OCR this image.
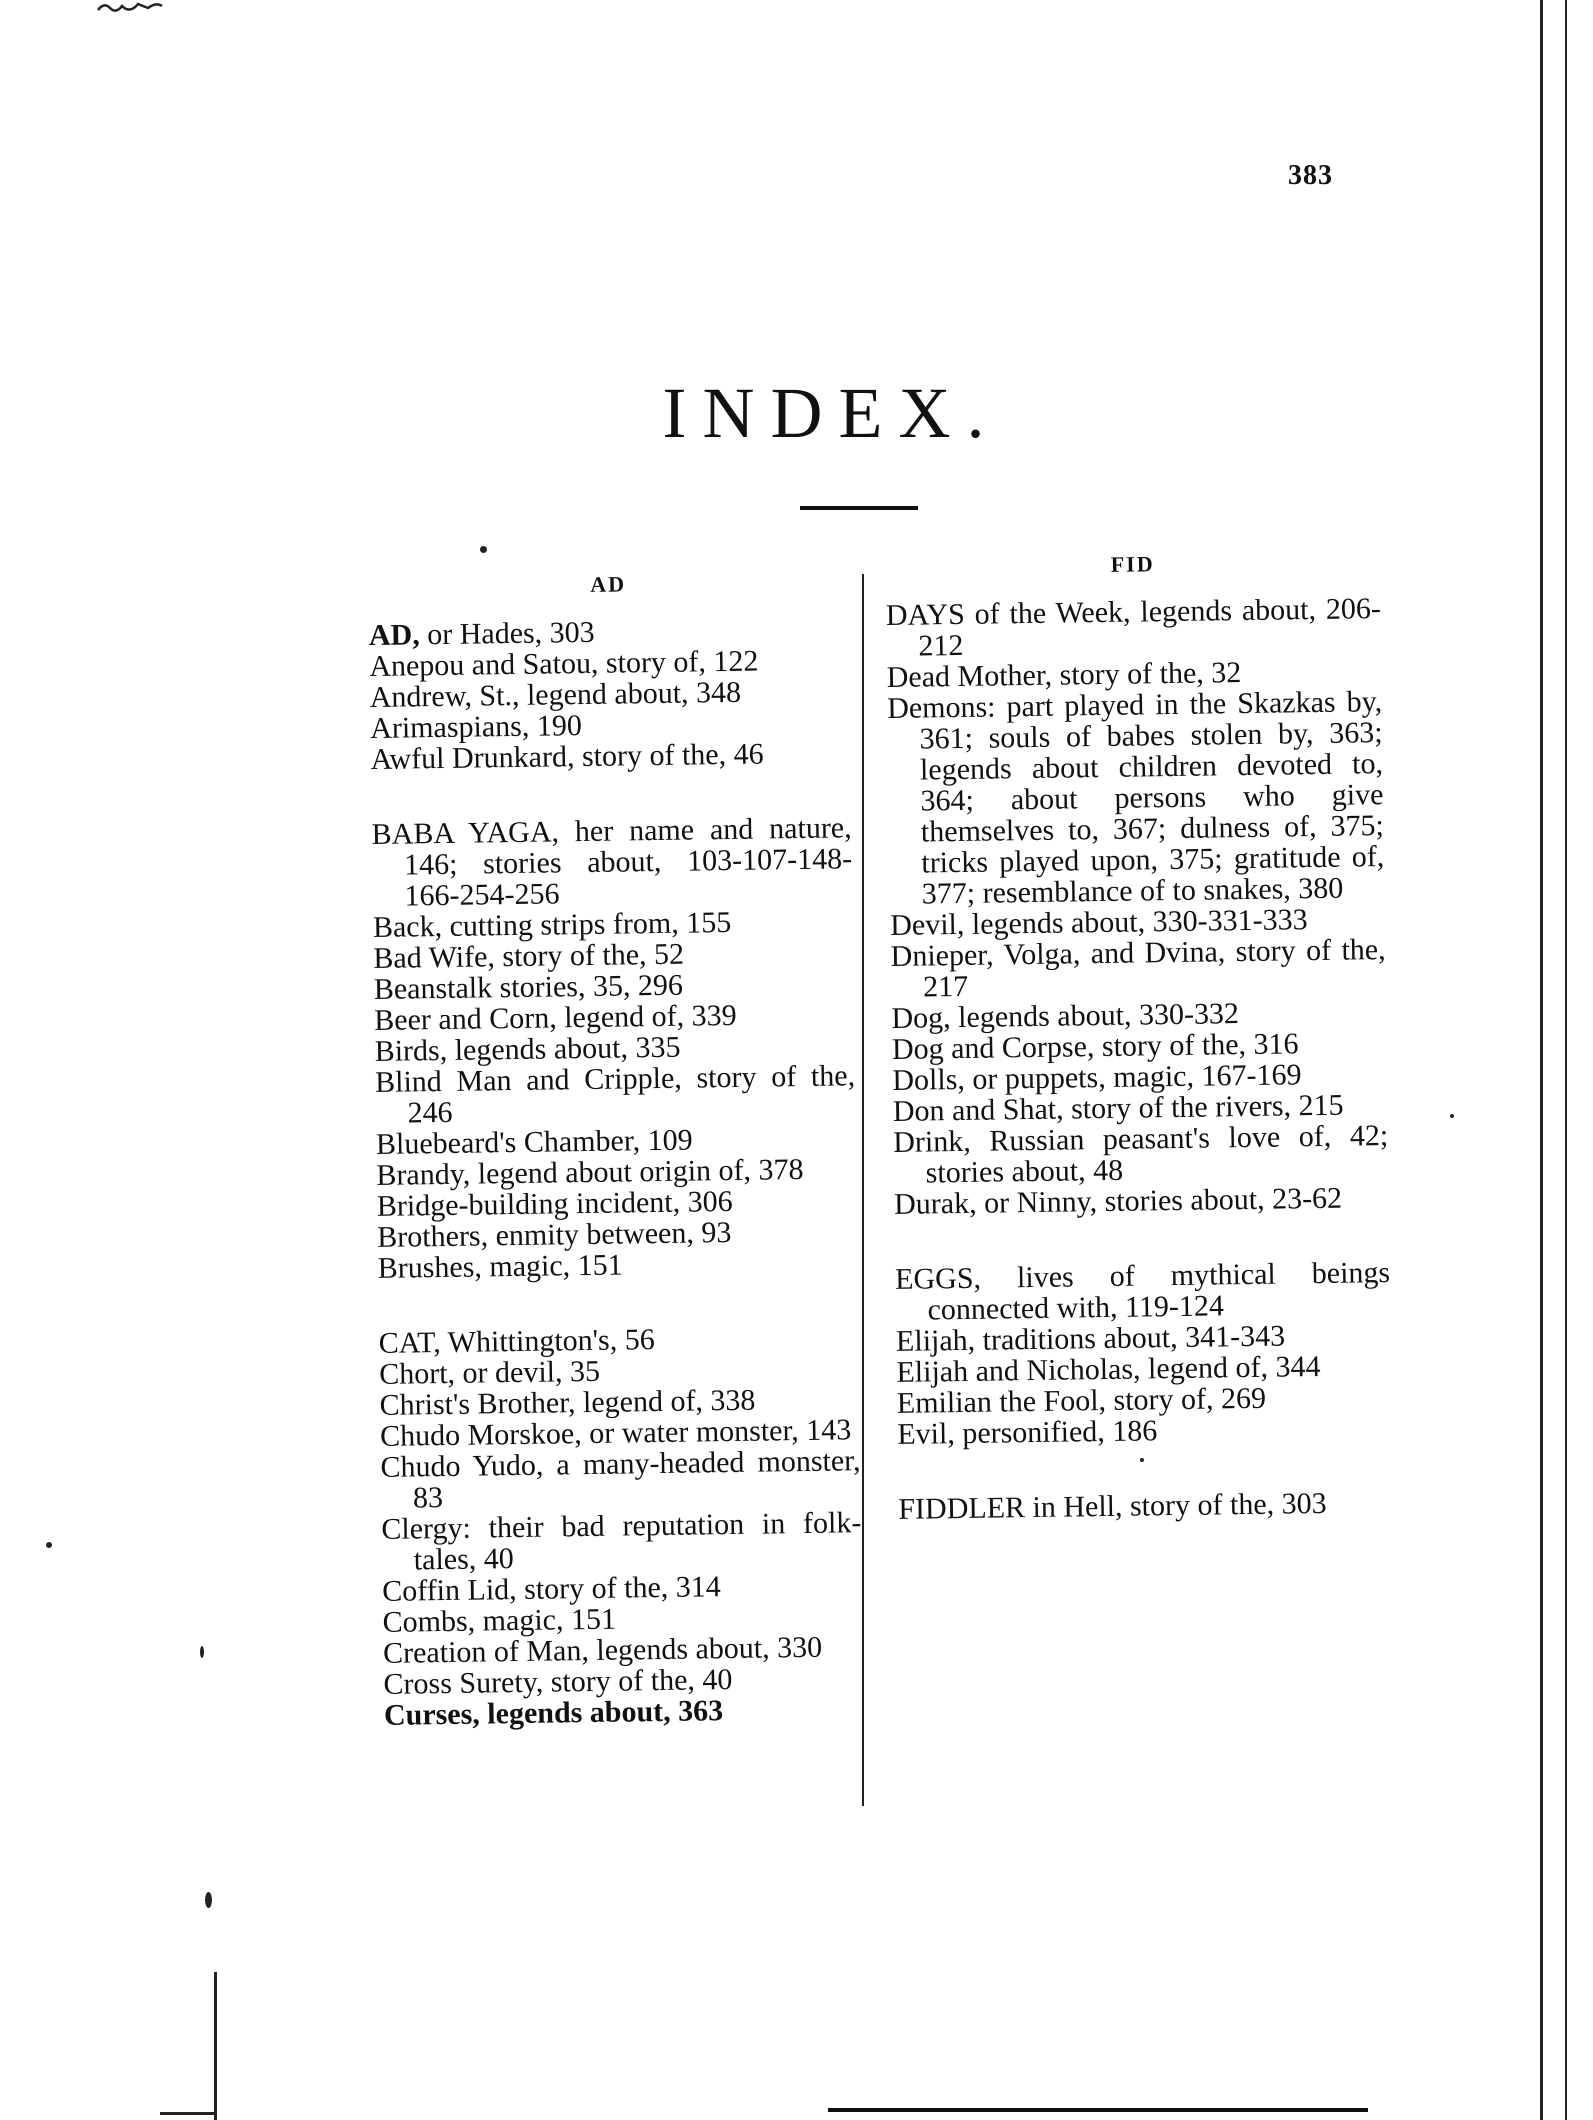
383
INDEX.
AD
AD, or Hades, 303
Anepou and Satou, story of, 122
Andrew, St., legend about, 348
Arimaspians, 190
Awful Drunkard, story of the, 46
BABA YAGA, her name and nature, 146; stories about, 103-107-148-166-254-256
Back, cutting strips from, 155
Bad Wife, story of the, 52
Beanstalk stories, 35, 296
Beer and Corn, legend of, 339
Birds, legends about, 335
Blind Man and Cripple, story of the, 246
Bluebeard's Chamber, 109
Brandy, legend about origin of, 378
Bridge-building incident, 306
Brothers, enmity between, 93
Brushes, magic, 151
CAT, Whittington's, 56
Chort, or devil, 35
Christ's Brother, legend of, 338
Chudo Morskoe, or water monster, 143
Chudo Yudo, a many-headed monster, 83
Clergy: their bad reputation in folk-tales, 40
Coffin Lid, story of the, 314
Combs, magic, 151
Creation of Man, legends about, 330
Cross Surety, story of the, 40
Curses, legends about, 363
FID
DAYS of the Week, legends about, 206-212
Dead Mother, story of the, 32
Demons: part played in the Skazkas by, 361; souls of babes stolen by, 363; legends about children devoted to, 364; about persons who give themselves to, 367; dulness of, 375; tricks played upon, 375; gratitude of, 377; resemblance of to snakes, 380
Devil, legends about, 330-331-333
Dnieper, Volga, and Dvina, story of the, 217
Dog, legends about, 330-332
Dog and Corpse, story of the, 316
Dolls, or puppets, magic, 167-169
Don and Shat, story of the rivers, 215
Drink, Russian peasant's love of, 42; stories about, 48
Durak, or Ninny, stories about, 23-62
EGGS, lives of mythical beings connected with, 119-124
Elijah, traditions about, 341-343
Elijah and Nicholas, legend of, 344
Emilian the Fool, story of, 269
Evil, personified, 186
FIDDLER in Hell, story of the, 303
